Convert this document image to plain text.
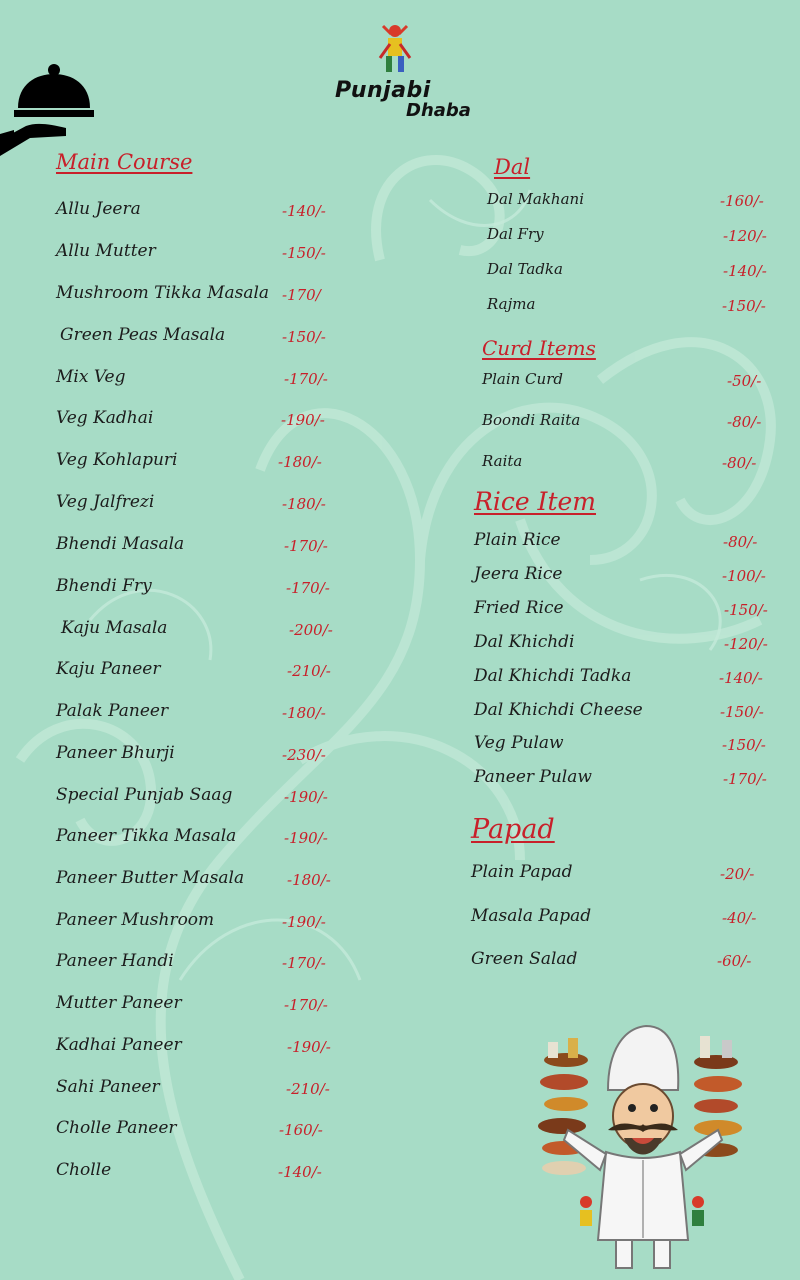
Punjabi
Dhaba
Main Course
Allu Jeera	-140/-
Allu Mutter	-150/-
Mushroom Tikka Masala -170/
Green Peas Masala	-150/-
Mix Veg	-170/-
Veg Kadhai	-190/-
Veg Kohlapuri	-180/-
Veg Jalfrezi	-180/-
Bhendi Masala	-170/-
Bhendi Fry	-170/-
Kaju Masala	-200/-
Kaju Paneer	-210/-
Palak Paneer	-180/-
Paneer Bhurji	-230/-
Special Punjab Saag	-190/-
Paneer Tikka Masala	-190/-
Paneer Butter Masala	-180/-
Paneer Mushroom	-190/-
Paneer Handi	-170/-
Mutter Paneer	-170/-
Kadhai Paneer	-190/-
Sahi Paneer	-210/-
Cholle Paneer	-160/-
Cholle	-140/-
Dal
Dal Makhani	-160/-
Dal Fry	-120/-
Dal Tadka	-140/-
Rajma	-150/-
Curd Items
Plain Curd	-50/-
Boondi Raita	-80/-
Raita	-80/-
Rice Item
Plain Rice	-80/-
Jeera Rice	-100/-
Fried Rice	-150/-
Dal Khichdi	-120/-
Dal Khichdi Tadka	-140/-
Dal Khichdi Cheese	-150/-
Veg Pulaw	-150/-
Paneer Pulaw	-170/-
Papad
Plain Papad	-20/-
Masala Papad	-40/-
Green Salad	-60/-
